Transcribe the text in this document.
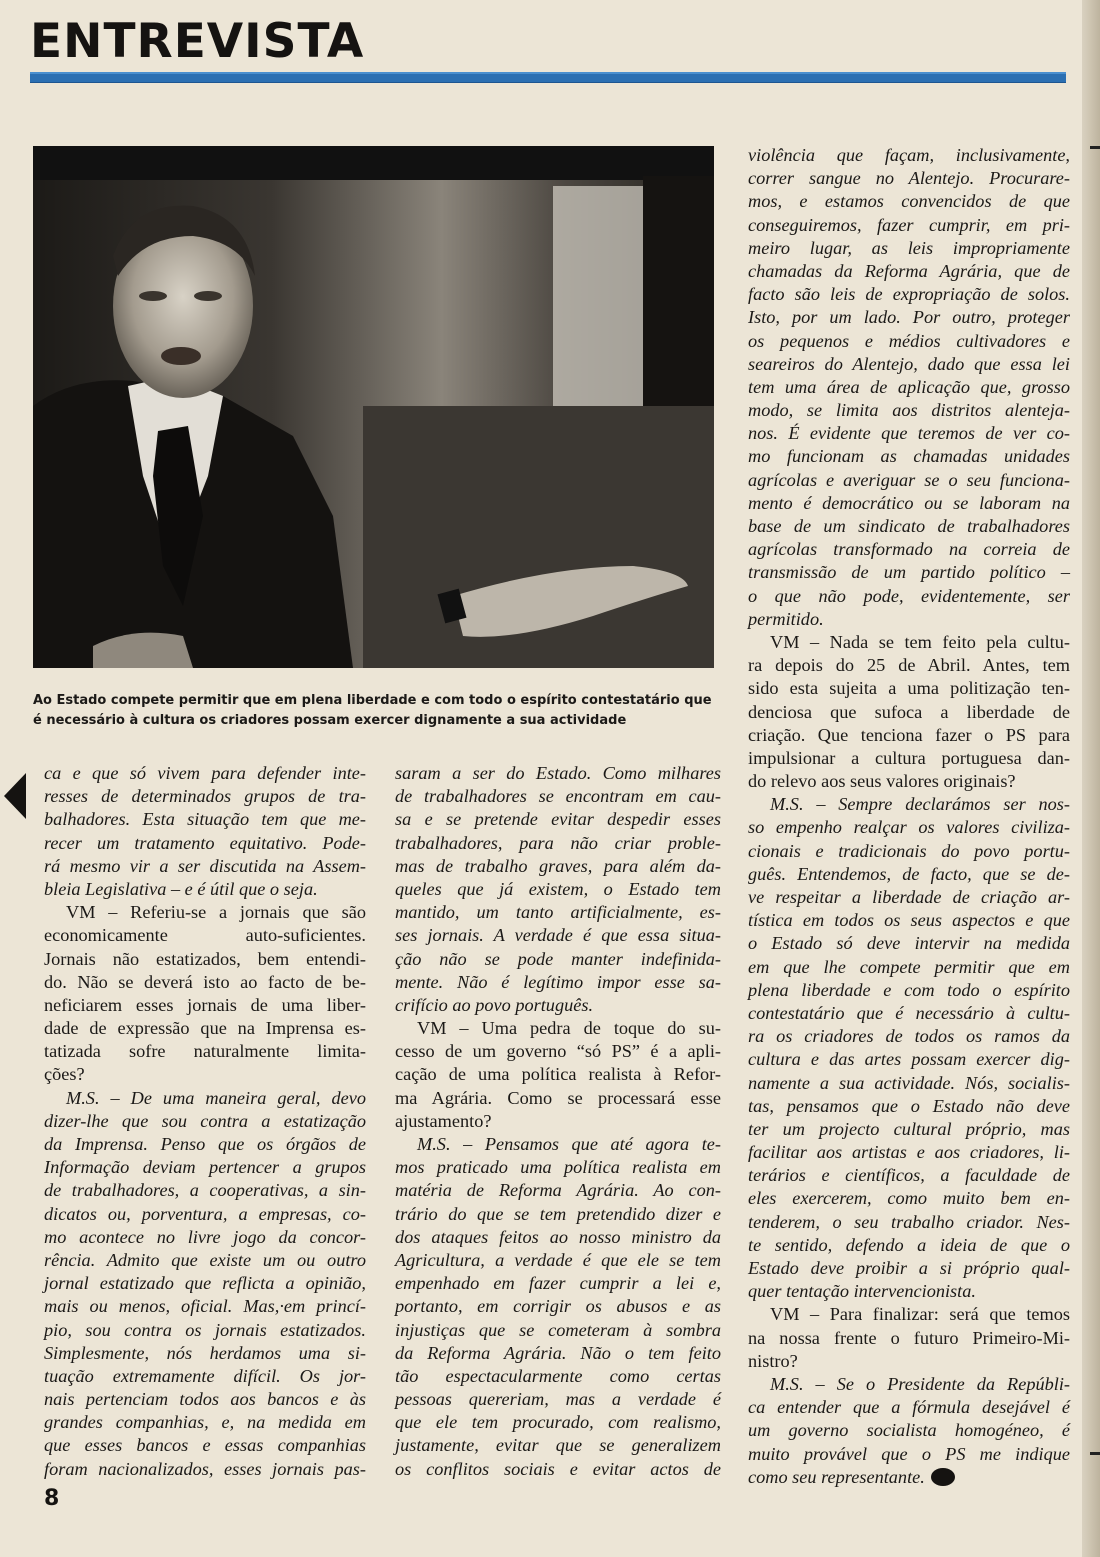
ENTREVISTA
Ao Estado compete permitir que em plena liberdade e com todo o espírito contestatário que
é necessário à cultura os criadores possam exercer dignamente a sua actividade
ca e que só vivem para defender inte-
resses de determinados grupos de tra-
balhadores. Esta situação tem que me-
recer um tratamento equitativo. Pode-
rá mesmo vir a ser discutida na Assem-
bleia Legislativa – e é útil que o seja.
VM – Referiu-se a jornais que são
economicamente auto-suficientes.
Jornais não estatizados, bem entendi-
do. Não se deverá isto ao facto de be-
neficiarem esses jornais de uma liber-
dade de expressão que na Imprensa es-
tatizada sofre naturalmente limita-
ções?
M.S. – De uma maneira geral, devo
dizer-lhe que sou contra a estatização
da Imprensa. Penso que os órgãos de
Informação deviam pertencer a grupos
de trabalhadores, a cooperativas, a sin-
dicatos ou, porventura, a empresas, co-
mo acontece no livre jogo da concor-
rência. Admito que existe um ou outro
jornal estatizado que reflicta a opinião,
mais ou menos, oficial. Mas,·em princí-
pio, sou contra os jornais estatizados.
Simplesmente, nós herdamos uma si-
tuação extremamente difícil. Os jor-
nais pertenciam todos aos bancos e às
grandes companhias, e, na medida em
que esses bancos e essas companhias
foram nacionalizados, esses jornais pas-
saram a ser do Estado. Como milhares
de trabalhadores se encontram em cau-
sa e se pretende evitar despedir esses
trabalhadores, para não criar proble-
mas de trabalho graves, para além da-
queles que já existem, o Estado tem
mantido, um tanto artificialmente, es-
ses jornais. A verdade é que essa situa-
ção não se pode manter indefinida-
mente. Não é legítimo impor esse sa-
crifício ao povo português.
VM – Uma pedra de toque do su-
cesso de um governo “só PS” é a apli-
cação de uma política realista à Refor-
ma Agrária. Como se processará esse
ajustamento?
M.S. – Pensamos que até agora te-
mos praticado uma política realista em
matéria de Reforma Agrária. Ao con-
trário do que se tem pretendido dizer e
dos ataques feitos ao nosso ministro da
Agricultura, a verdade é que ele se tem
empenhado em fazer cumprir a lei e,
portanto, em corrigir os abusos e as
injustiças que se cometeram à sombra
da Reforma Agrária. Não o tem feito
tão espectacularmente como certas
pessoas quereriam, mas a verdade é
que ele tem procurado, com realismo,
justamente, evitar que se generalizem
os conflitos sociais e evitar actos de
violência que façam, inclusivamente,
correr sangue no Alentejo. Procurare-
mos, e estamos convencidos de que
conseguiremos, fazer cumprir, em pri-
meiro lugar, as leis impropriamente
chamadas da Reforma Agrária, que de
facto são leis de expropriação de solos.
Isto, por um lado. Por outro, proteger
os pequenos e médios cultivadores e
seareiros do Alentejo, dado que essa lei
tem uma área de aplicação que, grosso
modo, se limita aos distritos alenteja-
nos. É evidente que teremos de ver co-
mo funcionam as chamadas unidades
agrícolas e averiguar se o seu funciona-
mento é democrático ou se laboram na
base de um sindicato de trabalhadores
agrícolas transformado na correia de
transmissão de um partido político –
o que não pode, evidentemente, ser
permitido.
VM – Nada se tem feito pela cultu-
ra depois do 25 de Abril. Antes, tem
sido esta sujeita a uma politização ten-
denciosa que sufoca a liberdade de
criação. Que tenciona fazer o PS para
impulsionar a cultura portuguesa dan-
do relevo aos seus valores originais?
M.S. – Sempre declarámos ser nos-
so empenho realçar os valores civiliza-
cionais e tradicionais do povo portu-
guês. Entendemos, de facto, que se de-
ve respeitar a liberdade de criação ar-
tística em todos os seus aspectos e que
o Estado só deve intervir na medida
em que lhe compete permitir que em
plena liberdade e com todo o espírito
contestatário que é necessário à cultu-
ra os criadores de todos os ramos da
cultura e das artes possam exercer dig-
namente a sua actividade. Nós, socialis-
tas, pensamos que o Estado não deve
ter um projecto cultural próprio, mas
facilitar aos artistas e aos criadores, li-
terários e científicos, a faculdade de
eles exercerem, como muito bem en-
tenderem, o seu trabalho criador. Nes-
te sentido, defendo a ideia de que o
Estado deve proibir a si próprio qual-
quer tentação intervencionista.
VM – Para finalizar: será que temos
na nossa frente o futuro Primeiro-Mi-
nistro?
M.S. – Se o Presidente da Repúbli-
ca entender que a fórmula desejável é
um governo socialista homogéneo, é
muito provável que o PS me indique
como seu representante.

8
